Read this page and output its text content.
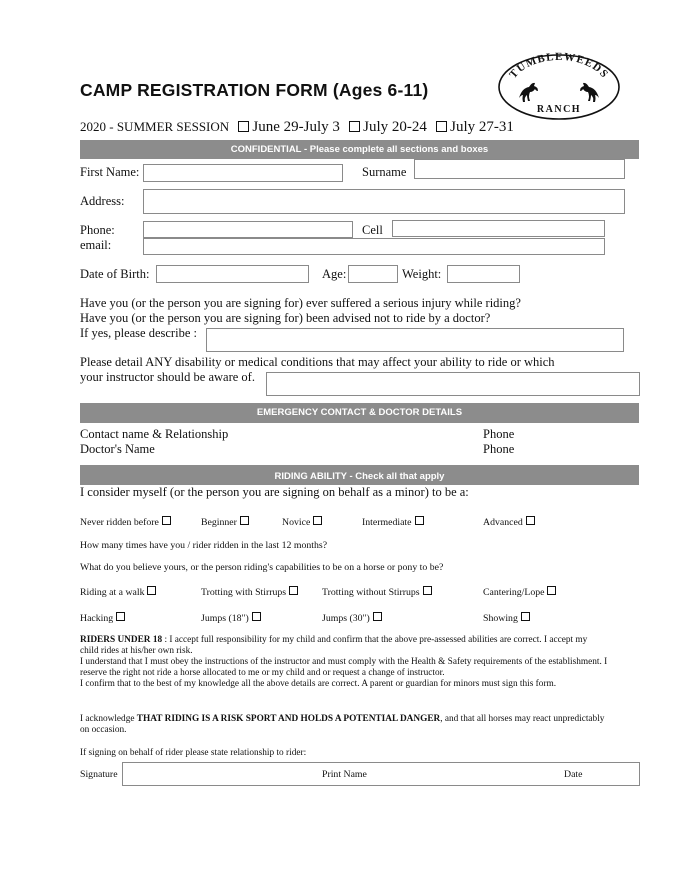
CAMP REGISTRATION FORM (Ages 6-11)
TUMBLEWEEDS
RANCH
2020 - SUMMER SESSION June 29-July 3 July 20-24 July 27-31
CONFIDENTIAL - Please complete all sections and boxes
First Name:	Surname
Address:
Phone:	Cell
email:
Date of Birth:	Age:	Weight:
Have you (or the person you are signing for) ever suffered a serious injury while riding?
Have you (or the person you are signing for) been advised not to ride by a doctor?
If yes, please describe :
Please detail ANY disability or medical conditions that may affect your ability to ride or which
your instructor should be aware of.
EMERGENCY CONTACT & DOCTOR DETAILS
Contact name & Relationship	Phone
Doctor's Name	Phone
RIDING ABILITY - Check all that apply
I consider myself (or the person you are signing on behalf as a minor) to be a:
Never ridden before	Beginner	Novice	Intermediate	Advanced
How many times have you / rider ridden in the last 12 months?
What do you believe yours, or the person riding's capabilities to be on a horse or pony to be?
Riding at a walk	Trotting with Stirrups	Trotting without Stirrups	Cantering/Lope
Hacking	Jumps (18")	Jumps (30")	Showing
RIDERS UNDER 18 : I accept full responsibility for my child and confirm that the above pre-assessed abilities are correct. I accept my child rides at his/her own risk.
I understand that I must obey the instructions of the instructor and must comply with the Health & Safety requirements of the establishment. I reserve the right not ride a horse allocated to me or my child and or request a change of instructor.
I confirm that to the best of my knowledge all the above details are correct. A parent or guardian for minors must sign this form.
I acknowledge THAT RIDING IS A RISK SPORT AND HOLDS A POTENTIAL DANGER, and that all horses may react unpredictably on occasion.
If signing on behalf of rider please state relationship to rider:
Signature	Print Name	Date
